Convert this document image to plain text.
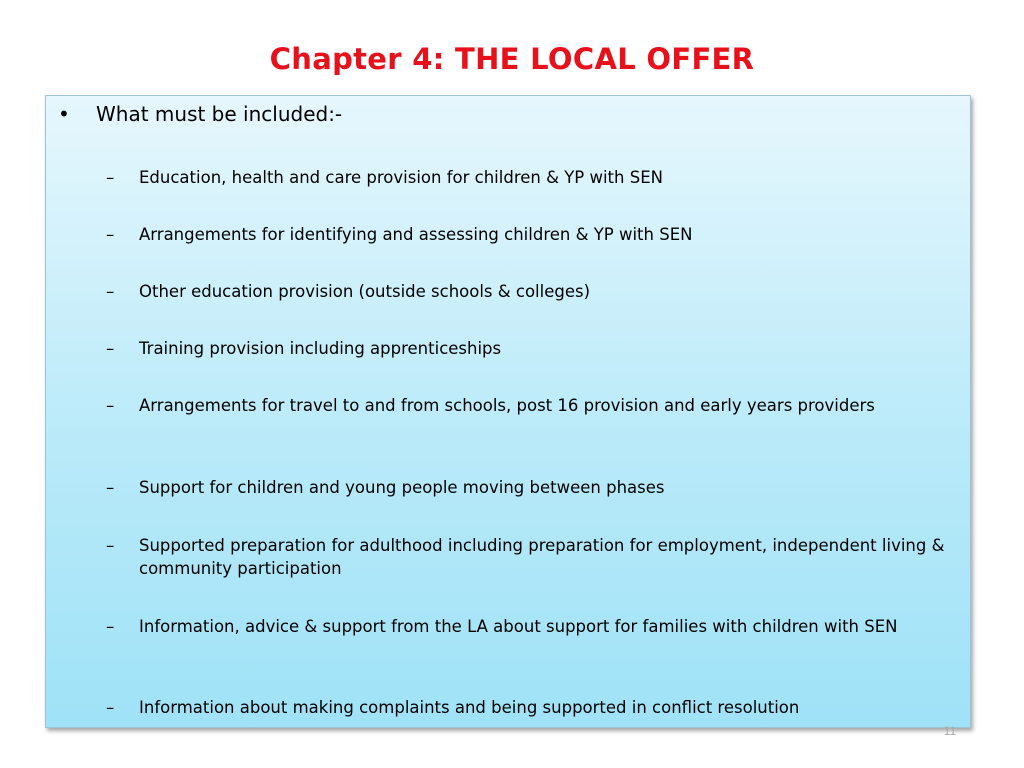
Chapter 4: THE LOCAL OFFER
• What must be included:-
– Education, health and care provision for children & YP with SEN
– Arrangements for identifying and assessing children & YP with SEN
– Other education provision (outside schools & colleges)
– Training provision including apprenticeships
– Arrangements for travel to and from schools, post 16 provision and early years providers
– Support for children and young people moving between phases
– Supported preparation for adulthood including preparation for employment, independent living & community participation
– Information, advice & support from the LA about support for families with children with SEN
– Information about making complaints and being supported in conflict resolution
11
